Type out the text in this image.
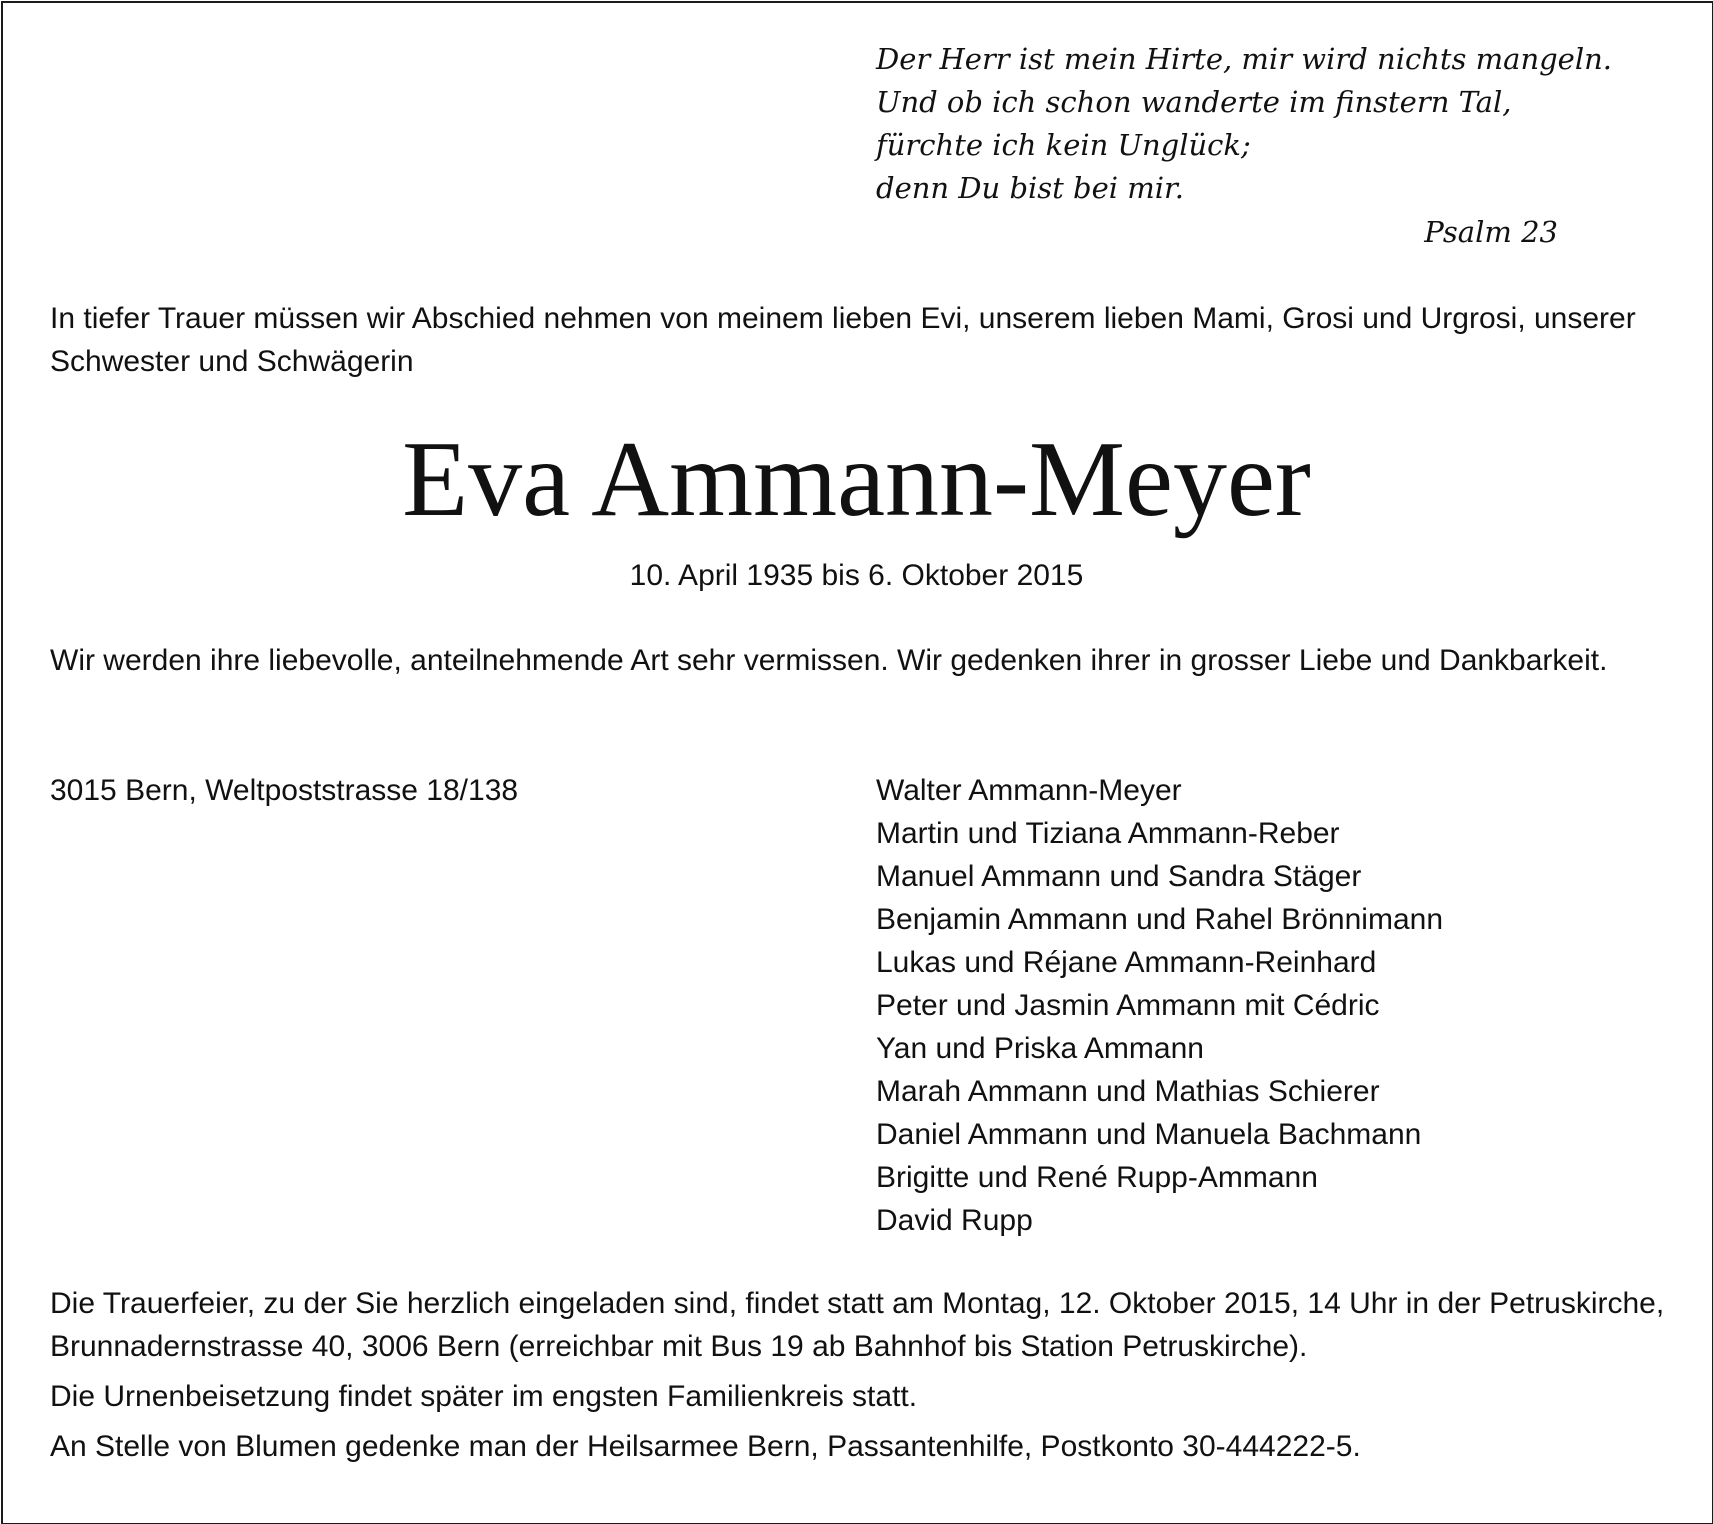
Der Herr ist mein Hirte, mir wird nichts mangeln.
Und ob ich schon wanderte im finstern Tal,
fürchte ich kein Unglück;
denn Du bist bei mir.
Psalm 23
In tiefer Trauer müssen wir Abschied nehmen von meinem lieben Evi, unserem lieben Mami, Grosi und Urgrosi, unserer Schwester und Schwägerin
Eva Ammann-Meyer
10. April 1935 bis 6. Oktober 2015
Wir werden ihre liebevolle, anteilnehmende Art sehr vermissen. Wir gedenken ihrer in grosser Liebe und Dankbarkeit.
3015 Bern, Weltpoststrasse 18/138	Walter Ammann-Meyer
Martin und Tiziana Ammann-Reber
Manuel Ammann und Sandra Stäger
Benjamin Ammann und Rahel Brönnimann
Lukas und Réjane Ammann-Reinhard
Peter und Jasmin Ammann mit Cédric
Yan und Priska Ammann
Marah Ammann und Mathias Schierer
Daniel Ammann und Manuela Bachmann
Brigitte und René Rupp-Ammann
David Rupp

Die Trauerfeier, zu der Sie herzlich eingeladen sind, findet statt am Montag, 12. Oktober 2015, 14 Uhr in der Petruskirche, Brunnadernstrasse 40, 3006 Bern (erreichbar mit Bus 19 ab Bahnhof bis Station Petruskirche).

Die Urnenbeisetzung findet später im engsten Familienkreis statt.

An Stelle von Blumen gedenke man der Heilsarmee Bern, Passantenhilfe, Postkonto 30-444222-5.
